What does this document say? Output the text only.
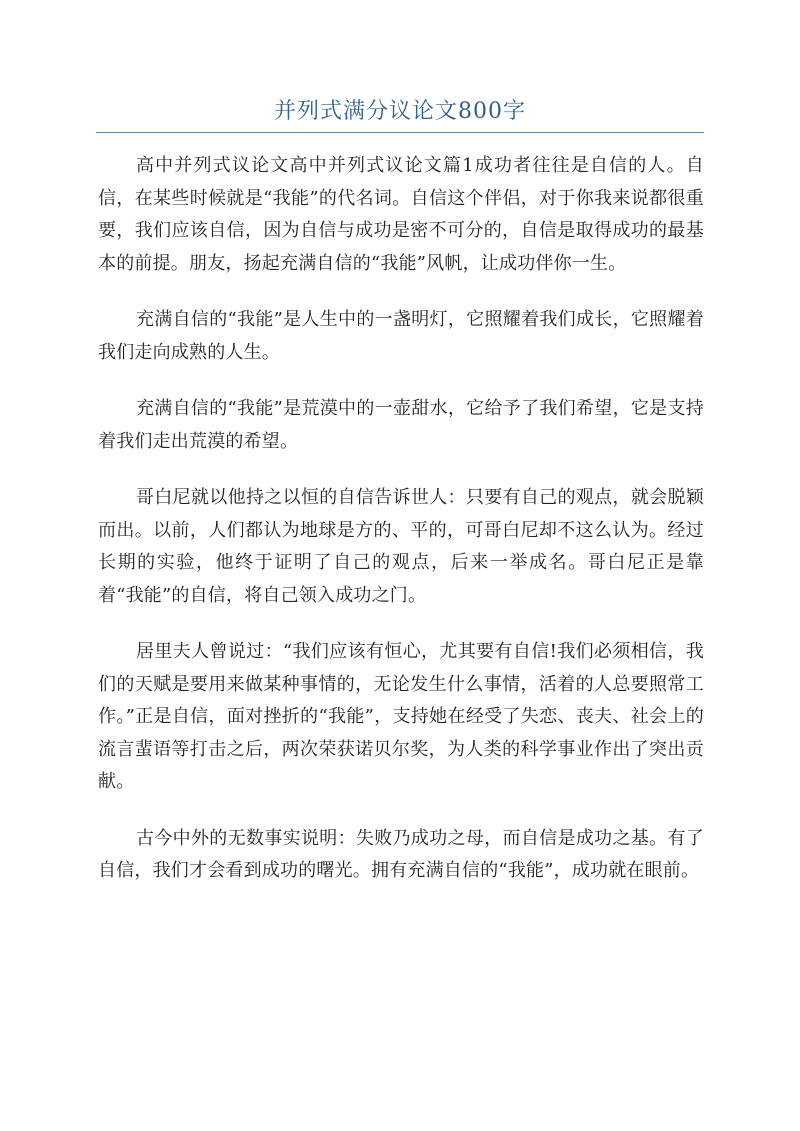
并列式满分议论文800字

高中并列式议论文高中并列式议论文篇1成功者往往是自信的人。自信，在某些时候就是“我能”的代名词。自信这个伴侣，对于你我来说都很重要，我们应该自信，因为自信与成功是密不可分的，自信是取得成功的最基本的前提。朋友，扬起充满自信的“我能”风帆，让成功伴你一生。

充满自信的“我能”是人生中的一盏明灯，它照耀着我们成长，它照耀着我们走向成熟的人生。

充满自信的“我能”是荒漠中的一壶甜水，它给予了我们希望，它是支持着我们走出荒漠的希望。

哥白尼就以他持之以恒的自信告诉世人：只要有自己的观点，就会脱颖而出。以前，人们都认为地球是方的、平的，可哥白尼却不这么认为。经过长期的实验，他终于证明了自己的观点，后来一举成名。哥白尼正是靠着“我能”的自信，将自己领入成功之门。

居里夫人曾说过：“我们应该有恒心，尤其要有自信!我们必须相信，我们的天赋是要用来做某种事情的，无论发生什么事情，活着的人总要照常工作。”正是自信，面对挫折的“我能”，支持她在经受了失恋、丧夫、社会上的流言蜚语等打击之后，两次荣获诺贝尔奖，为人类的科学事业作出了突出贡献。

古今中外的无数事实说明：失败乃成功之母，而自信是成功之基。有了自信，我们才会看到成功的曙光。拥有充满自信的“我能”，成功就在眼前。
